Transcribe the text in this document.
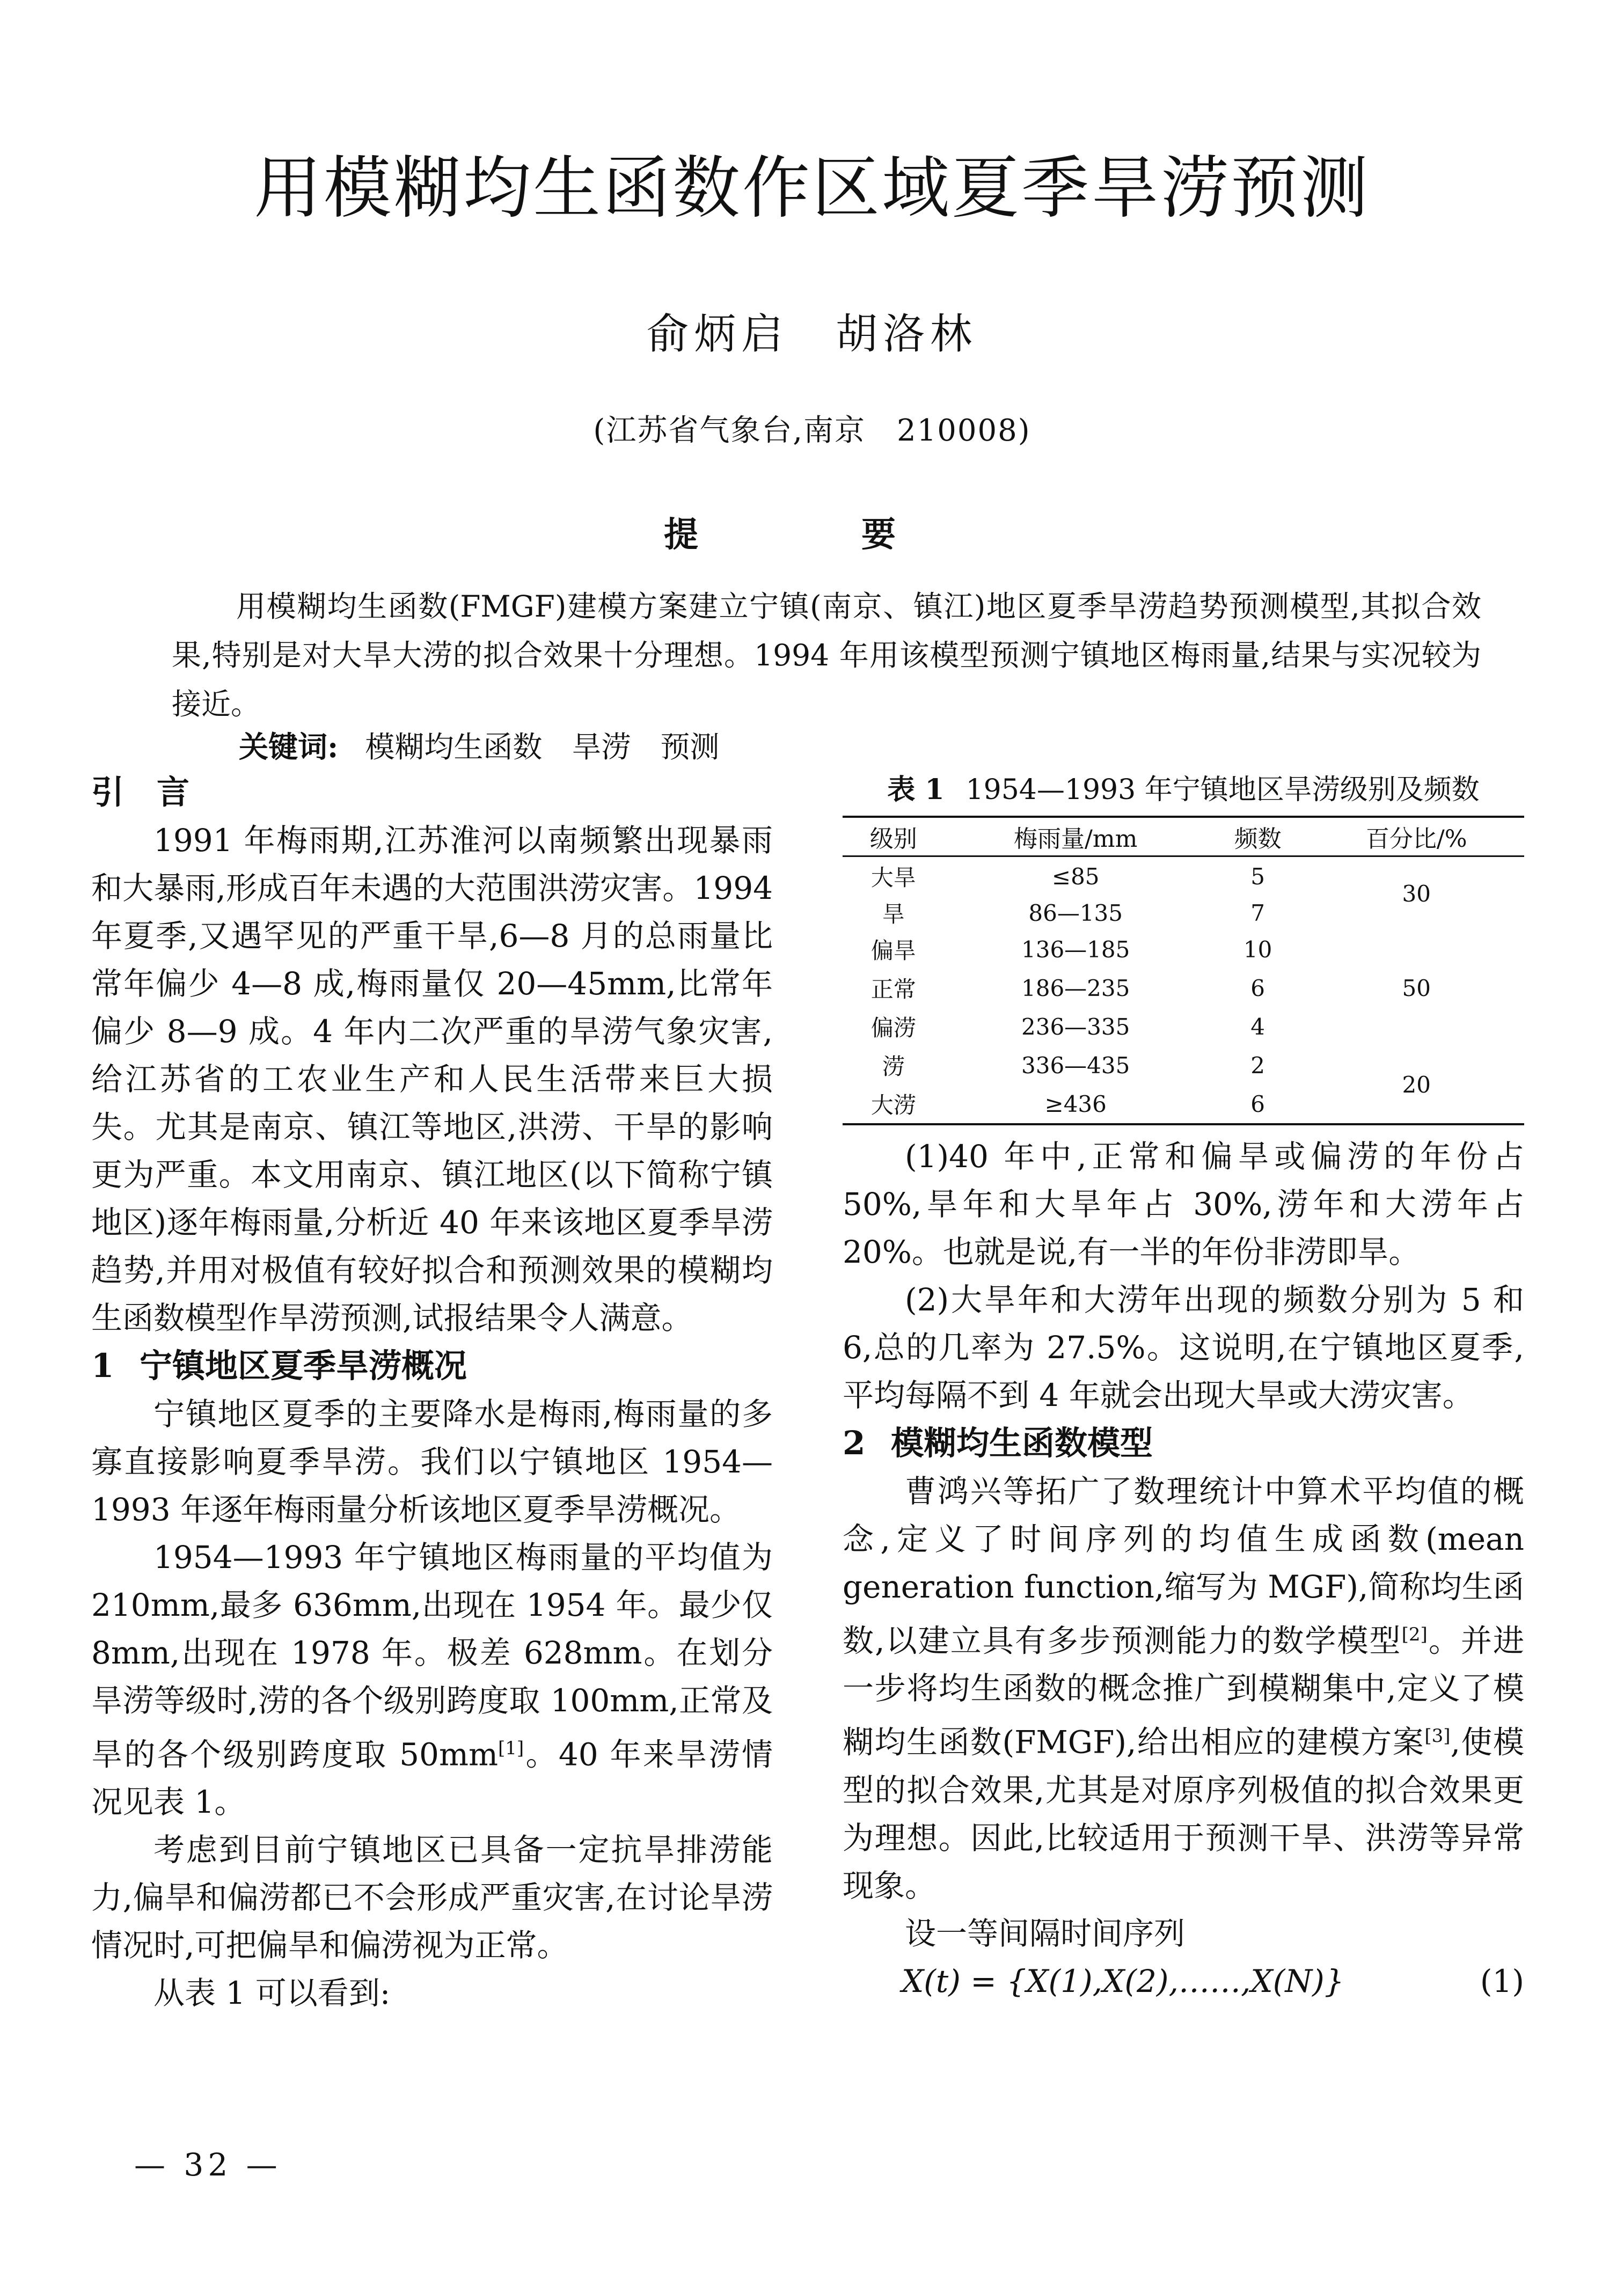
用模糊均生函数作区域夏季旱涝预测
俞炳启　胡洛林
(江苏省气象台,南京　210008)
提　要
用模糊均生函数(FMGF)建模方案建立宁镇(南京、镇江)地区夏季旱涝趋势预测模型,其拟合效果,特别是对大旱大涝的拟合效果十分理想。1994 年用该模型预测宁镇地区梅雨量,结果与实况较为接近。
关键词: 模糊均生函数　旱涝　预测
引　言

1991 年梅雨期,江苏淮河以南频繁出现暴雨和大暴雨,形成百年未遇的大范围洪涝灾害。1994 年夏季,又遇罕见的严重干旱,6—8 月的总雨量比常年偏少 4—8 成,梅雨量仅 20—45mm,比常年偏少 8—9 成。4 年内二次严重的旱涝气象灾害,给江苏省的工农业生产和人民生活带来巨大损失。尤其是南京、镇江等地区,洪涝、干旱的影响更为严重。本文用南京、镇江地区(以下简称宁镇地区)逐年梅雨量,分析近 40 年来该地区夏季旱涝趋势,并用对极值有较好拟合和预测效果的模糊均生函数模型作旱涝预测,试报结果令人满意。

1 宁镇地区夏季旱涝概况

宁镇地区夏季的主要降水是梅雨,梅雨量的多寡直接影响夏季旱涝。我们以宁镇地区 1954—1993 年逐年梅雨量分析该地区夏季旱涝概况。

1954—1993 年宁镇地区梅雨量的平均值为 210mm,最多 636mm,出现在 1954 年。最少仅 8mm,出现在 1978 年。极差 628mm。在划分旱涝等级时,涝的各个级别跨度取 100mm,正常及旱的各个级别跨度取 50mm[1]。40 年来旱涝情况见表 1。

考虑到目前宁镇地区已具备一定抗旱排涝能力,偏旱和偏涝都已不会形成严重灾害,在讨论旱涝情况时,可把偏旱和偏涝视为正常。

从表 1 可以看到:

表 1 1954—1993 年宁镇地区旱涝级别及频数
级别	梅雨量/mm	频数	百分比/%
大旱	≤85	5	30
旱	86—135	7	
偏旱	136—185	10	50
正常	186—235	6	
偏涝	236—335	4	
涝	336—435	2	20
大涝	≥436	6	

(1)40 年中,正常和偏旱或偏涝的年份占 50%,旱年和大旱年占 30%,涝年和大涝年占 20%。也就是说,有一半的年份非涝即旱。

(2)大旱年和大涝年出现的频数分别为 5 和 6,总的几率为 27.5%。这说明,在宁镇地区夏季,平均每隔不到 4 年就会出现大旱或大涝灾害。

2 模糊均生函数模型

曹鸿兴等拓广了数理统计中算术平均值的概念,定义了时间序列的均值生成函数(mean generation function,缩写为 MGF),简称均生函数,以建立具有多步预测能力的数学模型[2]。并进一步将均生函数的概念推广到模糊集中,定义了模糊均生函数(FMGF),给出相应的建模方案[3],使模型的拟合效果,尤其是对原序列极值的拟合效果更为理想。因此,比较适用于预测干旱、洪涝等异常现象。

设一等间隔时间序列

X(t) = {X(1),X(2),……,X(N)}	(1)
— 32 —
